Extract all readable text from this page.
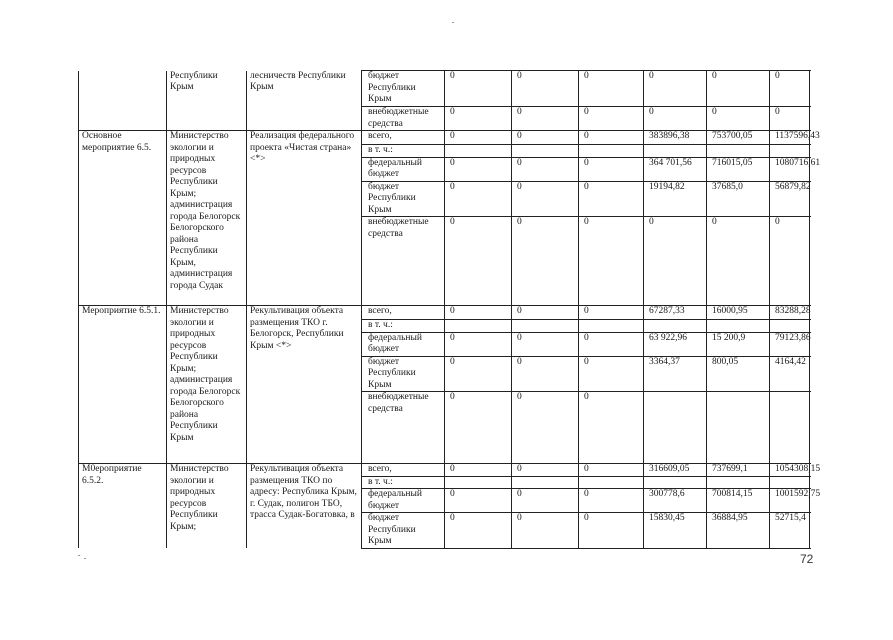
	Республики Крым	лесничеств Республики Крым	бюджет Республики Крым	0	0	0	0	0	0
			внебюджетные средства	0	0	0	0	0	0
Основное мероприятие 6.5.	Министерство экологии и природных ресурсов Республики Крым; администрация города Белогорск Белогорского района Республики Крым, администрация города Судак	Реализация федерального проекта «Чистая страна» <*>	всего,	0	0	0	383896,38	753700,05	1137596,43
			в т. ч.:						
			федеральный бюджет	0	0	0	364 701,56	716015,05	1080716,61
			бюджет Республики Крым	0	0	0	19194,82	37685,0	56879,82
			внебюджетные средства	0	0	0	0	0	0
Мероприятие 6.5.1.	Министерство экологии и природных ресурсов Республики Крым; администрация города Белогорск Белогорского района Республики Крым	Рекультивация объекта размещения ТКО г. Белогорск, Республики Крым <*>	всего,	0	0	0	67287,33	16000,95	83288,28
			в т. ч.:						
			федеральный бюджет	0	0	0	63 922,96	15 200,9	79123,86
			бюджет Республики Крым	0	0	0	3364,37	800,05	4164,42
			внебюджетные средства	0	0	0			
М0ероприятие 6.5.2.	Министерство экологии и природных ресурсов Республики Крым;	Рекультивация объекта размещения ТКО по адресу: Республика Крым, г. Судак, полигон ТБО, трасса Судак-Богатовка, в	всего,	0	0	0	316609,05	737699,1	1054308,15
			в т. ч.:						
			федеральный бюджет	0	0	0	300778,6	700814,15	1001592,75
			бюджет Республики Крым	0	0	0	15830,45	36884,95	52715,4
72
